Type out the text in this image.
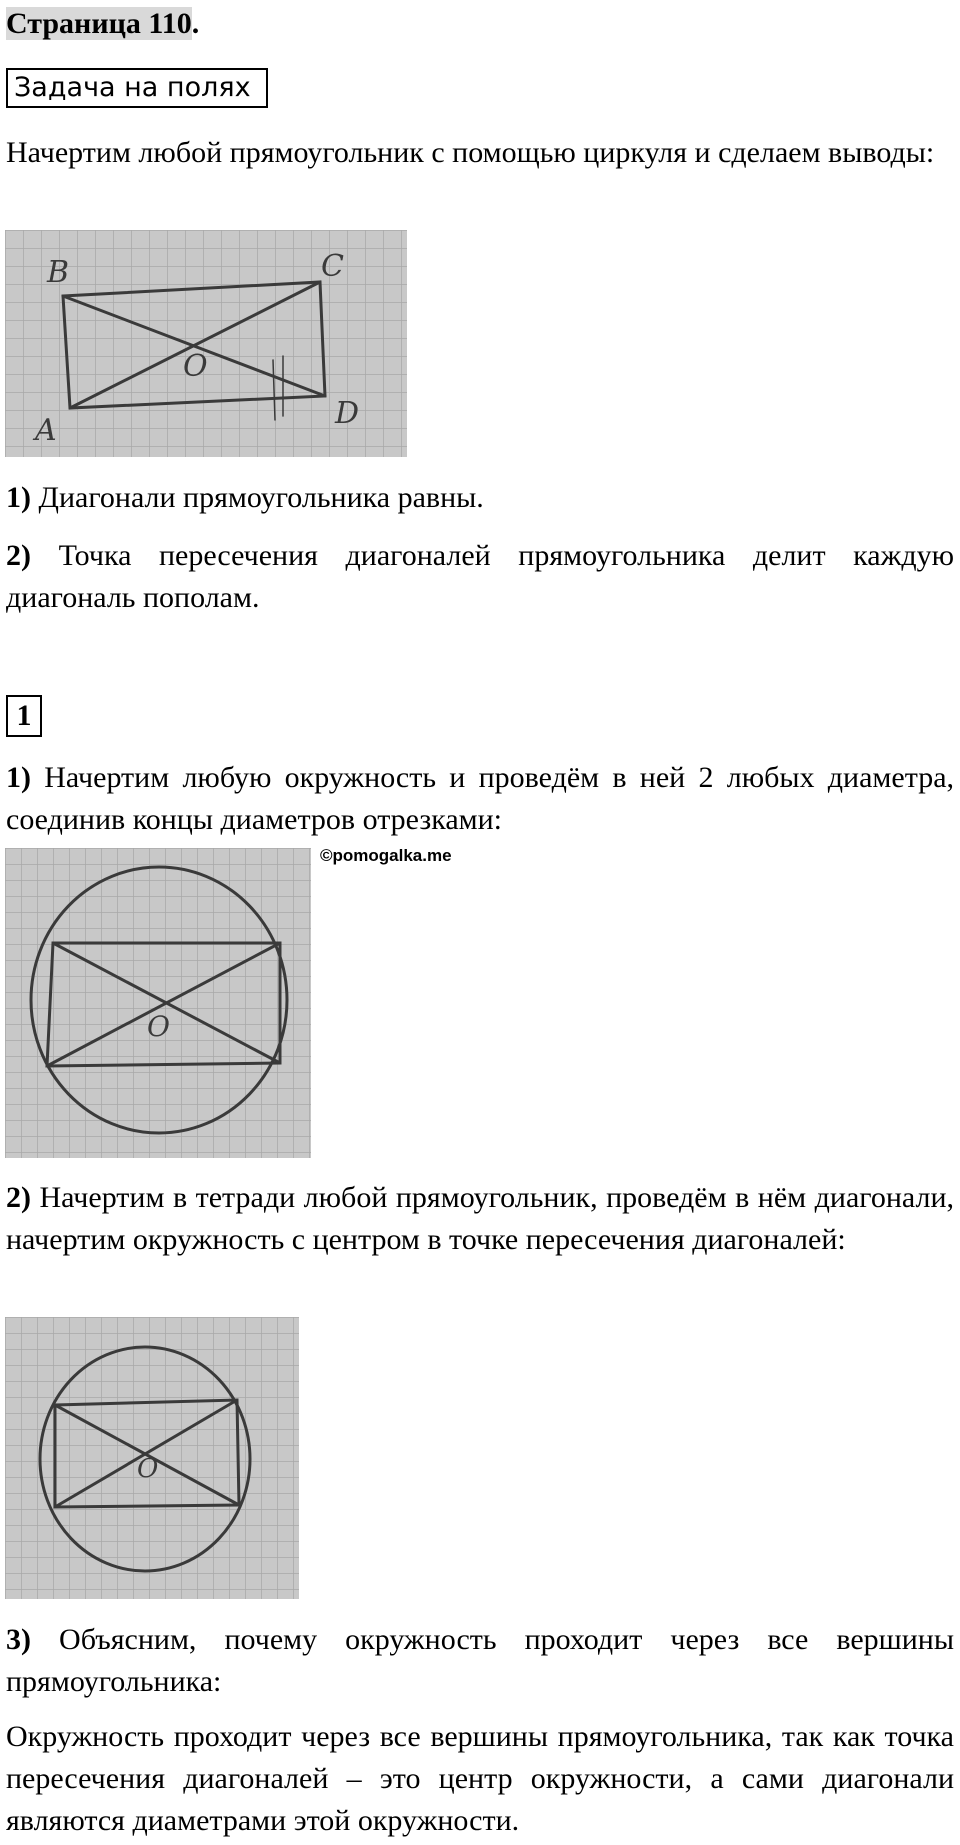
Страница 110.
Задача на полях
Начертим любой прямоугольник с помощью циркуля и сделаем выводы:
B	C
A	D
O
1) Диагонали прямоугольника равны.
2) Точка пересечения диагоналей прямоугольника делит каждую диагональ пополам.
1
1) Начертим любую окружность и проведём в ней 2 любых диаметра, соединив концы диаметров отрезками:
O
©pomogalka.me
2) Начертим в тетради любой прямоугольник, проведём в нём диагонали, начертим окружность с центром в точке пересечения диагоналей:
O
3) Объясним, почему окружность проходит через все вершины прямоугольника:
Окружность проходит через все вершины прямоугольника, так как точка пересечения диагоналей – это центр окружности, а сами диагонали являются диаметрами этой окружности.
